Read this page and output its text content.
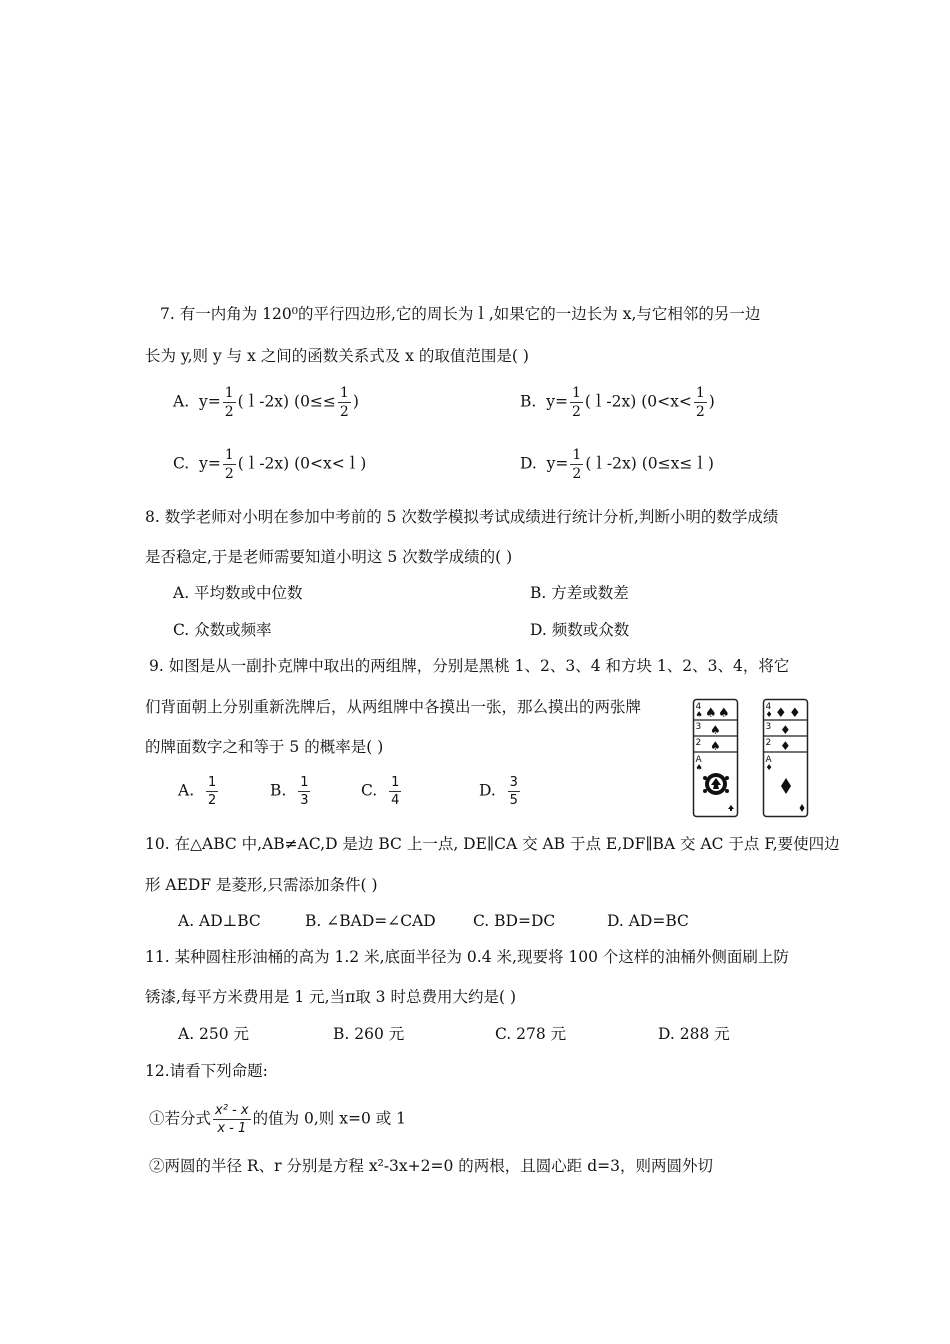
7. 有一内角为 120⁰的平行四边形,它的周长为ｌ,如果它的一边长为 x,与它相邻的另一边
长为 y,则 y 与 x 之间的函数关系式及 x 的取值范围是( )
A. $y= \frac{1}{2}$ (ｌ-2x) ($0\le\le \frac{1}{2}$ )	B. $y= \frac{1}{2}$ (ｌ-2x) ($0<x< \frac{1}{2}$ )
C. $y= \frac{1}{2}$ (ｌ-2x) (0<x<ｌ)	D. $y= \frac{1}{2}$ (ｌ-2x) (0≤x≤ｌ)
8. 数学老师对小明在参加中考前的 5 次数学模拟考试成绩进行统计分析,判断小明的数学成绩
是否稳定,于是老师需要知道小明这 5 次数学成绩的( )
A. 平均数或中位数	B. 方差或数差
C. 众数或频率	D. 频数或众数
9. 如图是从一副扑克牌中取出的两组牌，分别是黑桃 1、2、3、4 和方块 1、2、3、4，将它
们背面朝上分别重新洗牌后，从两组牌中各摸出一张，那么摸出的两张牌
的牌面数字之和等于 5 的概率是( )
A. $\frac{1}{2}$	B. $\frac{1}{3}$	C. $\frac{1}{4}$	D. $\frac{3}{5}$
4
♠ ♠ ♠
3 ♠
2 ♠
A
♠
4
♦ ♦ ♦
3 ♦
2 ♦
A
♦
10. 在△ABC 中,AB≠AC,D 是边 BC 上一点, DE∥CA 交 AB 于点 E,DF∥BA 交 AC 于点 F,要使四边
形 AEDF 是菱形,只需添加条件( )
A. AD⊥BC	B. ∠BAD=∠CAD C. BD=DC	D. AD=BC
11. 某种圆柱形油桶的高为 1.2 米,底面半径为 0.4 米,现要将 100 个这样的油桶外侧面刷上防
锈漆,每平方米费用是 1 元,当π取 3 时总费用大约是( )
A. 250 元	B. 260 元	C. 278 元	D. 288 元
12.请看下列命题:
①若分式 $\frac{\text{x² - x}}{x - 1}$ 的值为 0,则 x=0 或 1
②两圆的半径 R、r 分别是方程 x²-3x+2=0 的两根，且圆心距 d=3，则两圆外切
